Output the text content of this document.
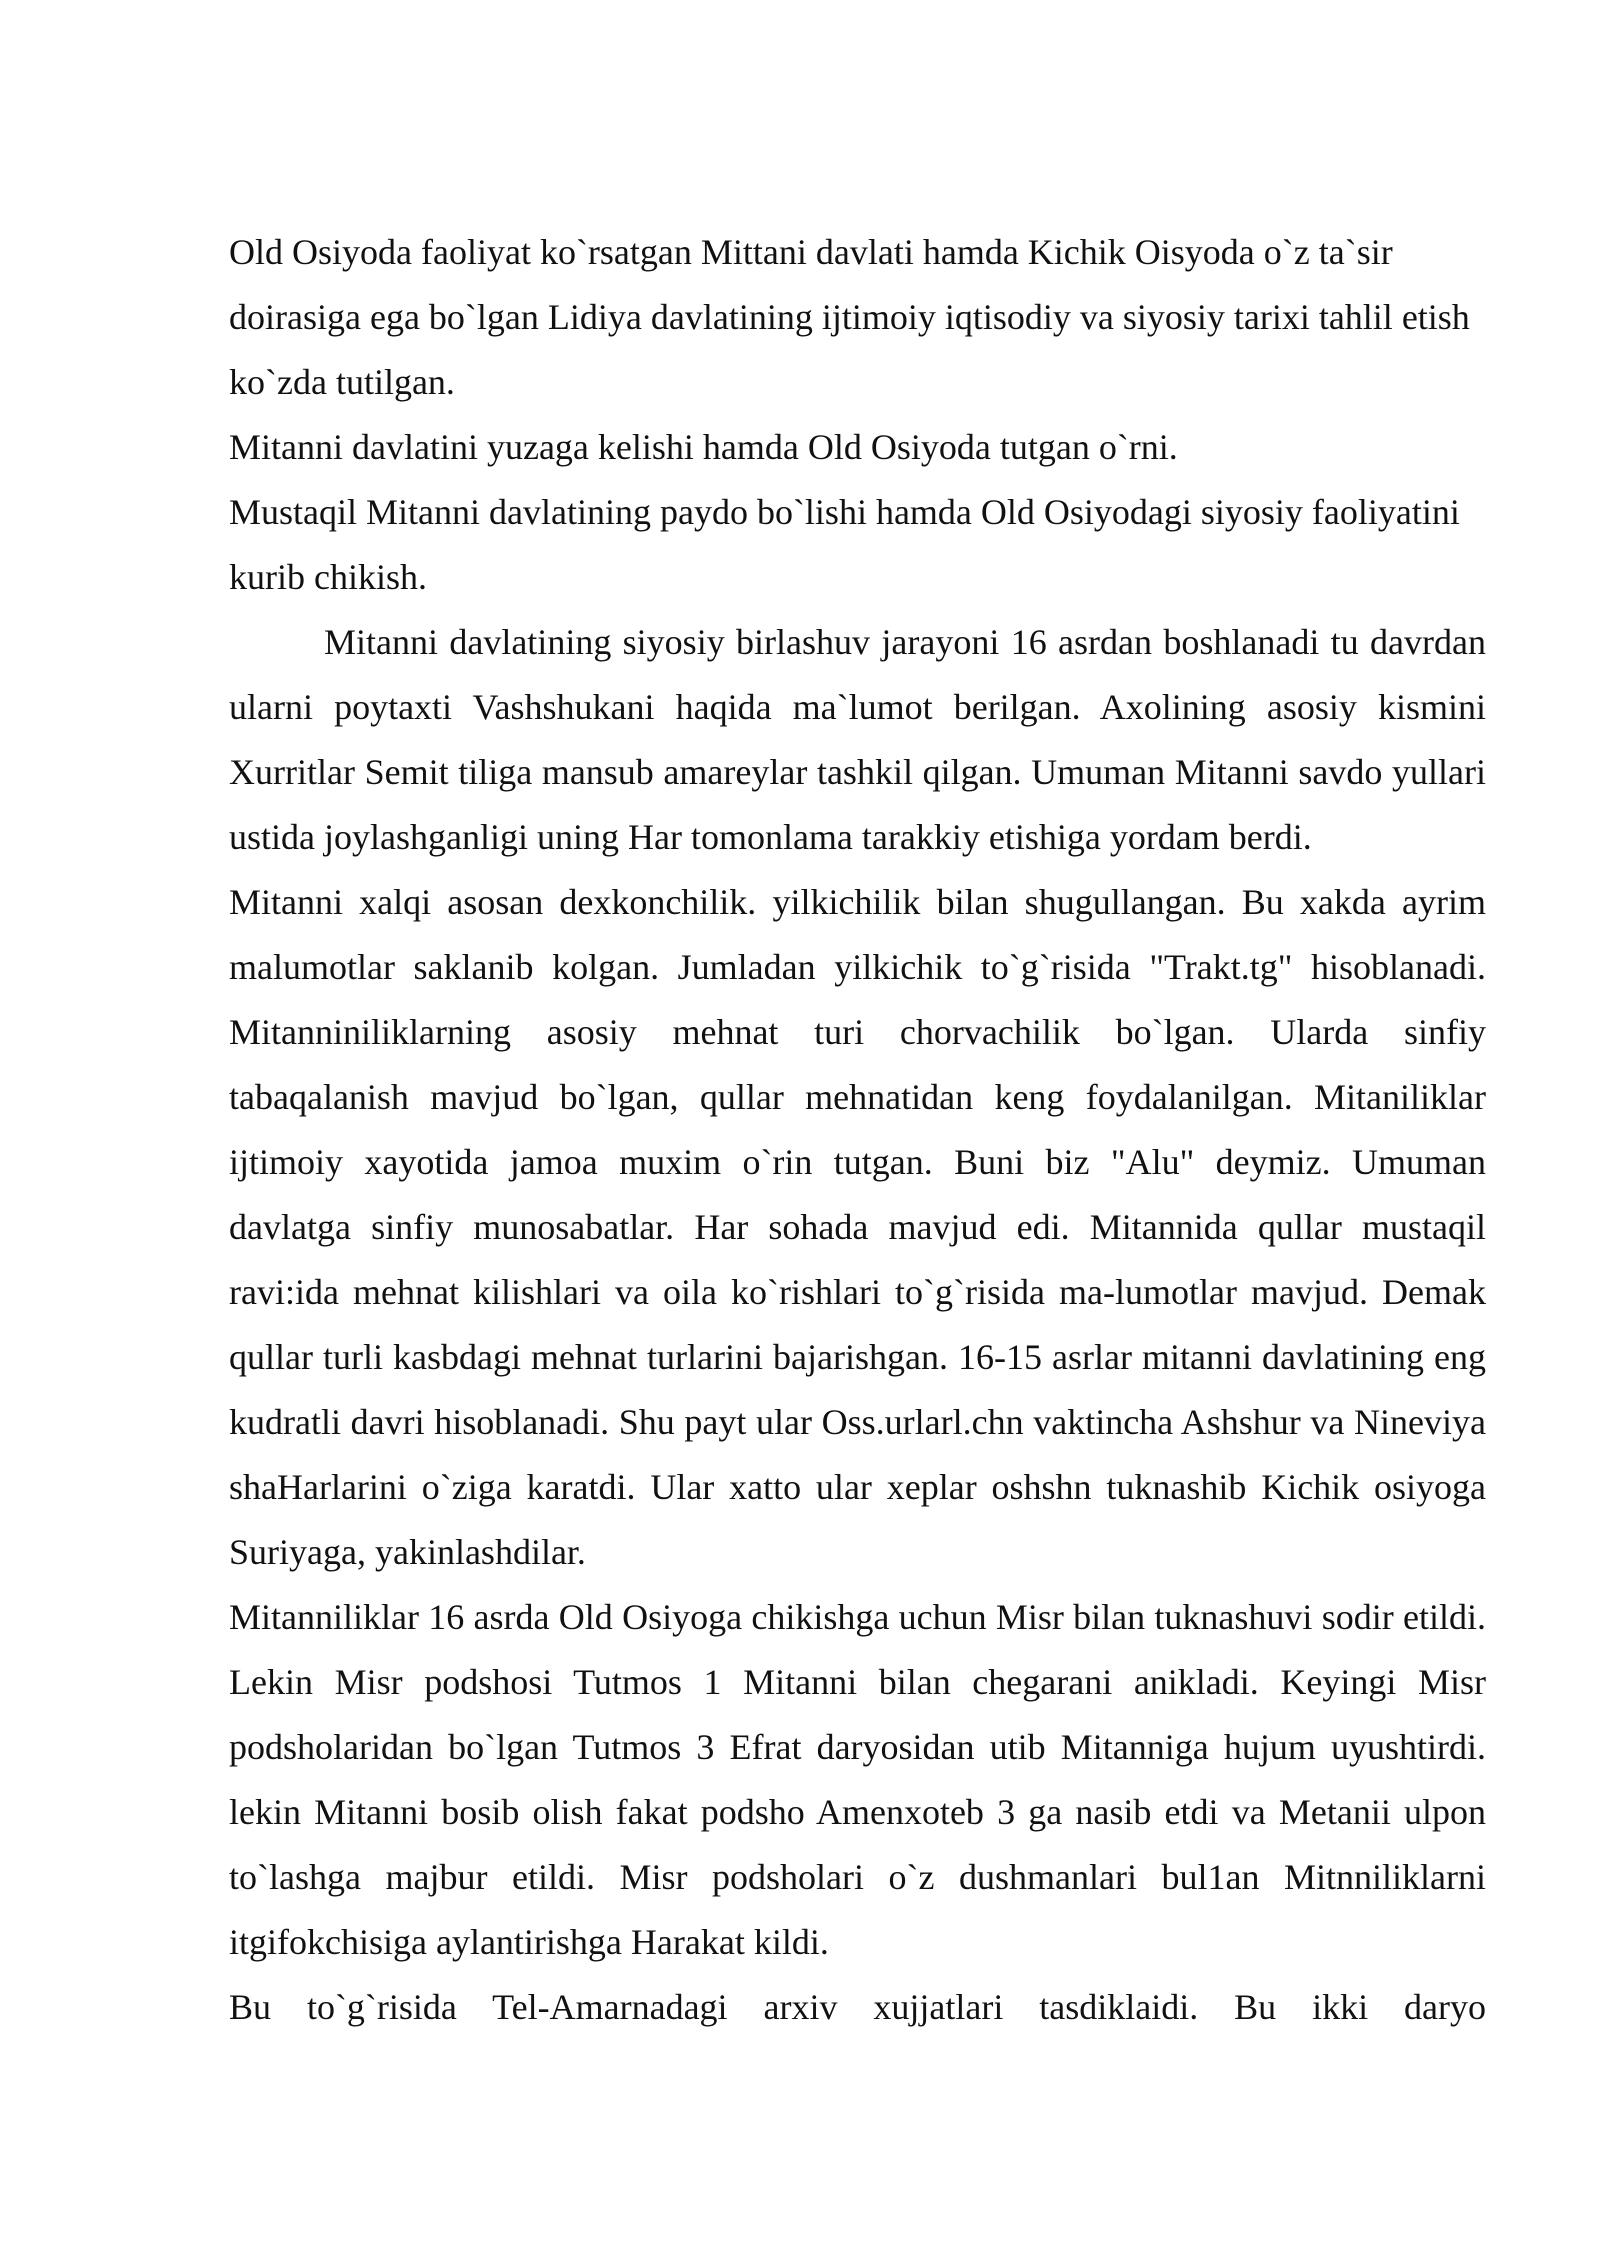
Old Osiyoda faoliyat ko`rsatgan Mittani davlati hamda Kichik Oisyoda o`z ta`sir doirasiga ega bo`lgan Lidiya davlatining ijtimoiy iqtisodiy va siyosiy tarixi tahlil etish ko`zda tutilgan.

Mitanni davlatini yuzaga kelishi hamda Old Osiyoda tutgan o`rni.

Mustaqil Mitanni davlatining paydo bo`lishi hamda Old Osiyodagi siyosiy faoliyatini kurib chikish.

Mitanni davlatining siyosiy birlashuv jarayoni 16 asrdan boshlanadi tu davrdan ularni poytaxti Vashshukani haqida ma`lumot berilgan. Axolining asosiy kismini Xurritlar Semit tiliga mansub amareylar tashkil qilgan. Umuman Mitanni savdo yullari ustida joylashganligi uning Har tomonlama tarakkiy etishiga yordam berdi.

Mitanni xalqi asosan dexkonchilik. yilkichilik bilan shugullangan. Bu xakda ayrim malumotlar saklanib kolgan. Jumladan yilkichik to`g`risida "Trakt.tg" hisoblanadi. Mitanniniliklarning asosiy mehnat turi chorvachilik bo`lgan. Ularda sinfiy tabaqalanish mavjud bo`lgan, qullar mehnatidan keng foydalanilgan. Mitaniliklar ijtimoiy xayotida jamoa muxim o`rin tutgan. Buni biz "Alu" deymiz. Umuman davlatga sinfiy munosabatlar. Har sohada mavjud edi. Mitannida qullar mustaqil ravi:ida mehnat kilishlari va oila ko`rishlari to`g`risida ma-lumotlar mavjud. Demak qullar turli kasbdagi mehnat turlarini bajarishgan. 16-15 asrlar mitanni davlatining eng kudratli davri hisoblanadi. Shu payt ular Oss.urlarl.chn vaktincha Ashshur va Nineviya shaHarlarini o`ziga karatdi. Ular xatto ular xeplar oshshn tuknashib Kichik osiyoga Suriyaga, yakinlashdilar.

Mitanniliklar 16 asrda Old Osiyoga chikishga uchun Misr bilan tuknashuvi sodir etildi. Lekin Misr podshosi Tutmos 1 Mitanni bilan chegarani anikladi. Keyingi Misr podsholaridan bo`lgan Tutmos 3 Efrat daryosidan utib Mitanniga hujum uyushtirdi. lekin Mitanni bosib olish fakat podsho Amenxoteb 3 ga nasib etdi va Metanii ulpon to`lashga majbur etildi. Misr podsholari o`z dushmanlari bul1an Mitnniliklarni itgifokchisiga aylantirishga Harakat kildi.

Bu to`g`risida Tel-Amarnadagi arxiv xujjatlari tasdiklaidi. Bu ikki daryo
